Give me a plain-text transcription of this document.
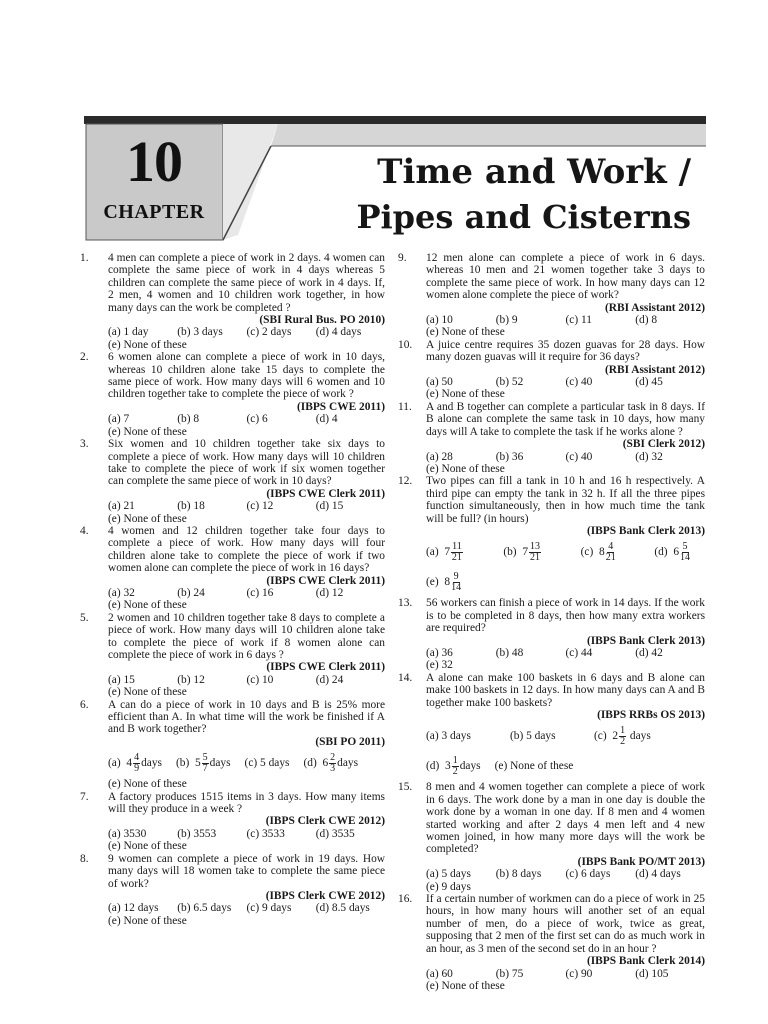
10
CHAPTER
Time and Work /
Pipes and Cisterns
1. 4 men can complete a piece of work in 2 days. 4 women can complete the same piece of work in 4 days whereas 5 children can complete the same piece of work in 4 days. If, 2 men, 4 women and 10 children work together, in how many days can the work be completed ?
(SBI Rural Bus. PO 2010)
(a) 1 day	(b) 3 days	(c) 2 days	(d) 4 days
(e) None of these
2. 6 women alone can complete a piece of work in 10 days, whereas 10 children alone take 15 days to complete the same piece of work. How many days will 6 women and 10 children together take to complete the piece of work ?
(IBPS CWE 2011)
(a) 7	(b) 8	(c) 6	(d) 4
(e) None of these
3. Six women and 10 children together take six days to complete a piece of work. How many days will 10 children take to complete the piece of work if six women together can complete the same piece of work in 10 days?
(IBPS CWE Clerk 2011)
(a) 21	(b) 18	(c) 12	(d) 15
(e) None of these
4. 4 women and 12 children together take four days to complete a piece of work. How many days will four children alone take to complete the piece of work if two women alone can complete the piece of work in 16 days?
(IBPS CWE Clerk 2011)
(a) 32	(b) 24	(c) 16	(d) 12
(e) None of these
5. 2 women and 10 children together take 8 days to complete a piece of work. How many days will 10 children alone take to complete the piece of work if 8 women alone can complete the piece of work in 6 days ?
(IBPS CWE Clerk 2011)
(a) 15	(b) 12	(c) 10	(d) 24
(e) None of these
6. A can do a piece of work in 10 days and B is 25% more efficient than A. In what time will the work be finished if A and B work together?
(SBI PO 2011)
(a)
$4 \frac{4}{9}$ days (b)
$5 \frac{5}{7}$ days (c) 5 days (d)
$6 \frac{2}{3}$ days
(e) None of these
7. A factory produces 1515 items in 3 days. How many items will they produce in a week ?
(IBPS Clerk CWE 2012)
(a) 3530	(b) 3553	(c) 3533	(d) 3535
(e) None of these
8. 9 women can complete a piece of work in 19 days. How many days will 18 women take to complete the same piece of work?
(IBPS Clerk CWE 2012)
(a) 12 days	(b) 6.5 days	(c) 9 days	(d) 8.5 days
(e) None of these
9. 12 men alone can complete a piece of work in 6 days. whereas 10 men and 21 women together take 3 days to complete the same piece of work. In how many days can 12 women alone complete the piece of work?
(RBI Assistant 2012)
(a) 10	(b) 9	(c) 11	(d) 8
(e) None of these
10. A juice centre requires 35 dozen guavas for 28 days. How many dozen guavas will it require for 36 days?
(RBI Assistant 2012)
(a) 50	(b) 52	(c) 40	(d) 45
(e) None of these
11. A and B together can complete a particular task in 8 days. If B alone can complete the same task in 10 days, how many days will A take to complete the task if he works alone ?
(SBI Clerk 2012)
(a) 28	(b) 36	(c) 40	(d) 32
(e) None of these
12. Two pipes can fill a tank in 10 h and 16 h respectively. A third pipe can empty the tank in 32 h. If all the three pipes function simultaneously, then in how much time the tank will be full? (in hours)
(IBPS Bank Clerk 2013)
(a)
$7 \frac{11}{21}$	(b)
$7 \frac{13}{21}$	(c)
$8 \frac{4}{21}$	(d)
$6 \frac{5}{14}$
(e)
$8 \frac{9}{14}$
13. 56 workers can finish a piece of work in 14 days. If the work is to be completed in 8 days, then how many extra workers are required?
(IBPS Bank Clerk 2013)
(a) 36	(b) 48	(c) 44	(d) 42
(e) 32
14. A alone can make 100 baskets in 6 days and B alone can make 100 baskets in 12 days. In how many days can A and B together make 100 baskets?
(IBPS RRBs OS 2013)
(a) 3 days	(b) 5 days	(c)
$2 \frac{1}{2}$
days
(d)
$3 \frac{1}{2}$ days (e) None of these
15. 8 men and 4 women together can complete a piece of work in 6 days. The work done by a man in one day is double the work done by a woman in one day. If 8 men and 4 women started working and after 2 days 4 men left and 4 new women joined, in how many more days will the work be completed?
(IBPS Bank PO/MT 2013)
(a) 5 days	(b) 8 days	(c) 6 days	(d) 4 days
(e) 9 days
16. If a certain number of workmen can do a piece of work in 25 hours, in how many hours will another set of an equal number of men, do a piece of work, twice as great, supposing that 2 men of the first set can do as much work in an hour, as 3 men of the second set do in an hour ?
(IBPS Bank Clerk 2014)
(a) 60	(b) 75	(c) 90	(d) 105
(e) None of these
